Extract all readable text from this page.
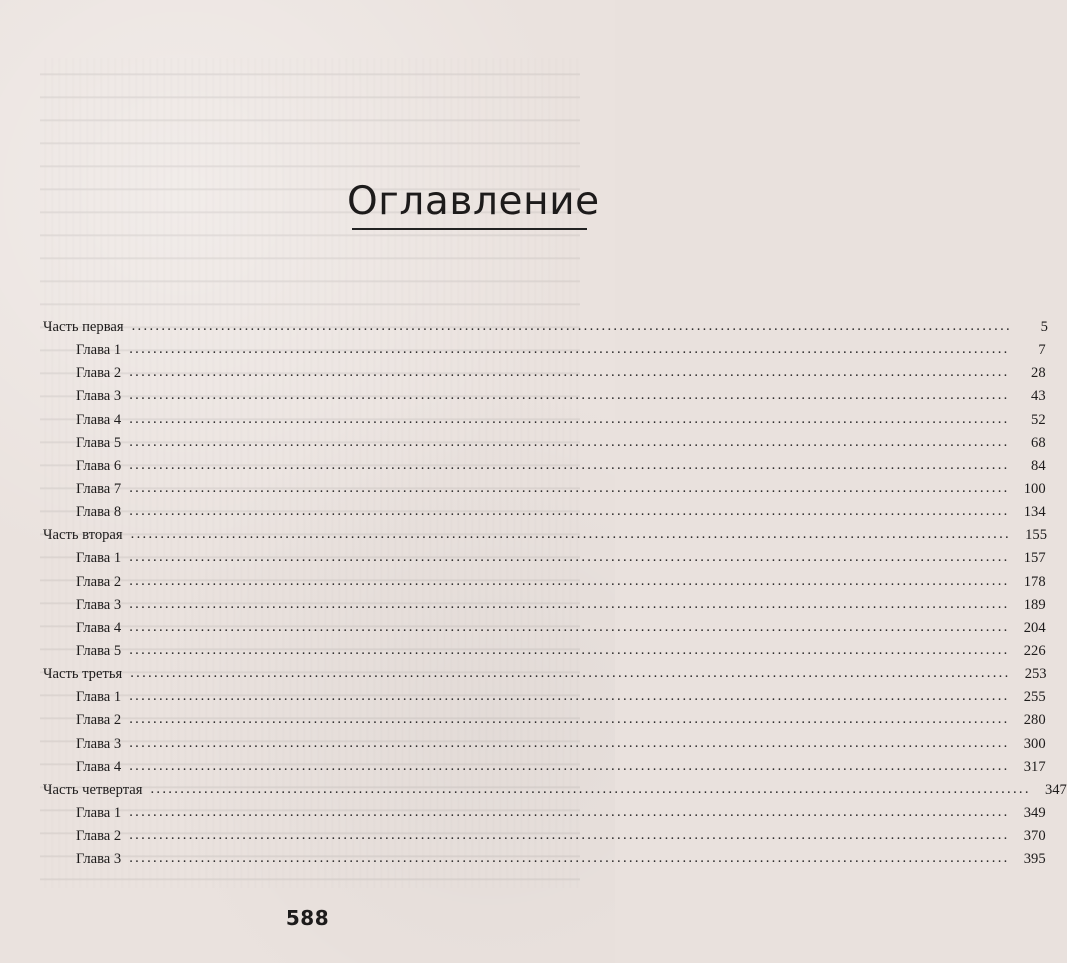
Оглавление
Часть первая ....................................................................................................................................................	5
Глава 1 ....................................................................................................................................................	7
Глава 2 ....................................................................................................................................................	28
Глава 3 ....................................................................................................................................................	43
Глава 4 ....................................................................................................................................................	52
Глава 5 ....................................................................................................................................................	68
Глава 6 ....................................................................................................................................................	84
Глава 7 .................................................................................................................................................... 100
Глава 8 .................................................................................................................................................... 134
Часть вторая .................................................................................................................................................... 155
Глава 1 .................................................................................................................................................... 157
Глава 2 .................................................................................................................................................... 178
Глава 3 .................................................................................................................................................... 189
Глава 4 .................................................................................................................................................... 204
Глава 5 .................................................................................................................................................... 226
Часть третья .................................................................................................................................................... 253
Глава 1 .................................................................................................................................................... 255
Глава 2 .................................................................................................................................................... 280
Глава 3 .................................................................................................................................................... 300
Глава 4 .................................................................................................................................................... 317
Часть четвертая .................................................................................................................................................... 347
Глава 1 .................................................................................................................................................... 349
Глава 2 .................................................................................................................................................... 370
Глава 3 .................................................................................................................................................... 395
588
